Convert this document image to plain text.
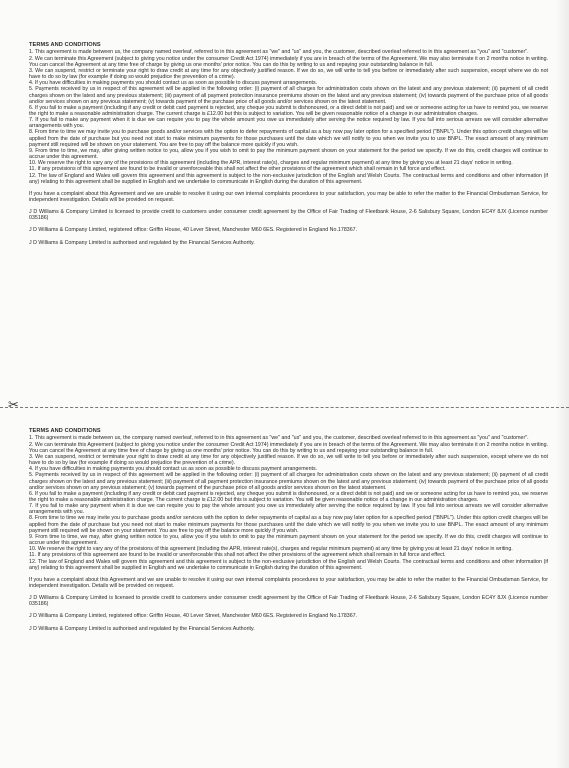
TERMS AND CONDITIONS

1. This agreement is made between us, the company named overleaf, referred to in this agreement as "we" and "us" and you, the customer, described overleaf referred to in this agreement as "you" and "customer".

2. We can terminate this Agreement (subject to giving you notice under the consumer Credit Act 1974) immediately if you are in breach of the terms of the Agreement. We may also terminate it on 2 months notice in writing. You can cancel the Agreement at any time free of charge by giving us one months' prior notice. You can do this by writing to us and repaying your outstanding balance in full.

3. We can suspend, restrict or terminate your right to draw credit at any time for any objectively justified reason. If we do so, we will write to tell you before or immediately after such suspension, except where we do not have to do so by law (for example if doing so would prejudice the prevention of a crime).

4. If you have difficulties in making payments you should contact us as soon as possible to discuss payment arrangements.

5. Payments received by us in respect of this agreement will be applied in the following order: (i) payment of all charges for administration costs shown on the latest and any previous statement; (ii) payment of all credit charges shown on the latest and any previous statement; (iii) payment of all payment protection insurance premiums shown on the latest and any previous statement; (iv) towards payment of the purchase price of all goods and/or services shown on any previous statement; (v) towards payment of the purchase price of all goods and/or services shown on the latest statement.

6. If you fail to make a payment (including if any credit or debit card payment is rejected, any cheque you submit is dishonoured, or a direct debit is not paid) and we or someone acting for us have to remind you, we reserve the right to make a reasonable administration charge. The current charge is £12.00 but this is subject to variation. You will be given reasonable notice of a change in our administration charges.

7. If you fail to make any payment when it is due we can require you to pay the whole amount you owe us immediately after serving the notice required by law. If you fall into serious arrears we will consider alternative arrangements with you.

8. From time to time we may invite you to purchase goods and/or services with the option to defer repayments of capital as a buy now pay later option for a specified period ("BNPL"). Under this option credit charges will be applied from the date of purchase but you need not start to make minimum payments for those purchases until the date which we will notify to you when we invite you to use BNPL. The exact amount of any minimum payment still required will be shown on your statement. You are free to pay off the balance more quickly if you wish.

9. From time to time, we may, after giving written notice to you, allow you if you wish to omit to pay the minimum payment shown on your statement for the period we specify. If we do this, credit charges will continue to accrue under this agreement.

10. We reserve the right to vary any of the provisions of this agreement (including the APR, interest rate(s), charges and regular minimum payment) at any time by giving you at least 21 days' notice in writing.

11. If any provisions of this agreement are found to be invalid or unenforceable this shall not affect the other provisions of the agreement which shall remain in full force and effect.

12. The law of England and Wales will govern this agreement and this agreement is subject to the non-exclusive jurisdiction of the English and Welsh Courts. The contractual terms and conditions and other information (if any) relating to this agreement shall be supplied in English and we undertake to communicate in English during the duration of this agreement.

If you have a complaint about this Agreement and we are unable to resolve it using our own internal complaints procedures to your satisfaction, you may be able to refer the matter to the Financial Ombudsman Service, for independent investigation. Details will be provided on request.

J D Williams & Company Limited is licensed to provide credit to customers under consumer credit agreement by the Office of Fair Trading of Fleetbank House, 2-6 Salisbury Square, London EC4Y 8JX (Licence number 035186)

J D Williams & Company Limited, registered office: Griffin House, 40 Lever Street, Manchester M60 6ES. Registered in England No.178367.

J D Williams & Company Limited is authorised and regulated by the Financial Services Authority.

✂
TERMS AND CONDITIONS

1. This agreement is made between us, the company named overleaf, referred to in this agreement as "we" and "us" and you, the customer, described overleaf referred to in this agreement as "you" and "customer".

2. We can terminate this Agreement (subject to giving you notice under the consumer Credit Act 1974) immediately if you are in breach of the terms of the Agreement. We may also terminate it on 2 months notice in writing. You can cancel the Agreement at any time free of charge by giving us one months' prior notice. You can do this by writing to us and repaying your outstanding balance in full.

3. We can suspend, restrict or terminate your right to draw credit at any time for any objectively justified reason. If we do so, we will write to tell you before or immediately after such suspension, except where we do not have to do so by law (for example if doing so would prejudice the prevention of a crime).

4. If you have difficulties in making payments you should contact us as soon as possible to discuss payment arrangements.

5. Payments received by us in respect of this agreement will be applied in the following order: (i) payment of all charges for administration costs shown on the latest and any previous statement; (ii) payment of all credit charges shown on the latest and any previous statement; (iii) payment of all payment protection insurance premiums shown on the latest and any previous statement; (iv) towards payment of the purchase price of all goods and/or services shown on any previous statement; (v) towards payment of the purchase price of all goods and/or services shown on the latest statement.

6. If you fail to make a payment (including if any credit or debit card payment is rejected, any cheque you submit is dishonoured, or a direct debit is not paid) and we or someone acting for us have to remind you, we reserve the right to make a reasonable administration charge. The current charge is £12.00 but this is subject to variation. You will be given reasonable notice of a change in our administration charges.

7. If you fail to make any payment when it is due we can require you to pay the whole amount you owe us immediately after serving the notice required by law. If you fall into serious arrears we will consider alternative arrangements with you.

8. From time to time we may invite you to purchase goods and/or services with the option to defer repayments of capital as a buy now pay later option for a specified period ("BNPL"). Under this option credit charges will be applied from the date of purchase but you need not start to make minimum payments for those purchases until the date which we will notify to you when we invite you to use BNPL. The exact amount of any minimum payment still required will be shown on your statement. You are free to pay off the balance more quickly if you wish.

9. From time to time, we may, after giving written notice to you, allow you if you wish to omit to pay the minimum payment shown on your statement for the period we specify. If we do this, credit charges will continue to accrue under this agreement.

10. We reserve the right to vary any of the provisions of this agreement (including the APR, interest rate(s), charges and regular minimum payment) at any time by giving you at least 21 days' notice in writing.

11. If any provisions of this agreement are found to be invalid or unenforceable this shall not affect the other provisions of the agreement which shall remain in full force and effect.

12. The law of England and Wales will govern this agreement and this agreement is subject to the non-exclusive jurisdiction of the English and Welsh Courts. The contractual terms and conditions and other information (if any) relating to this agreement shall be supplied in English and we undertake to communicate in English during the duration of this agreement.

If you have a complaint about this Agreement and we are unable to resolve it using our own internal complaints procedures to your satisfaction, you may be able to refer the matter to the Financial Ombudsman Service, for independent investigation. Details will be provided on request.

J D Williams & Company Limited is licensed to provide credit to customers under consumer credit agreement by the Office of Fair Trading of Fleetbank House, 2-6 Salisbury Square, London EC4Y 8JX (Licence number 035186)

J D Williams & Company Limited, registered office: Griffin House, 40 Lever Street, Manchester M60 6ES. Registered in England No.178367.

J D Williams & Company Limited is authorised and regulated by the Financial Services Authority.
